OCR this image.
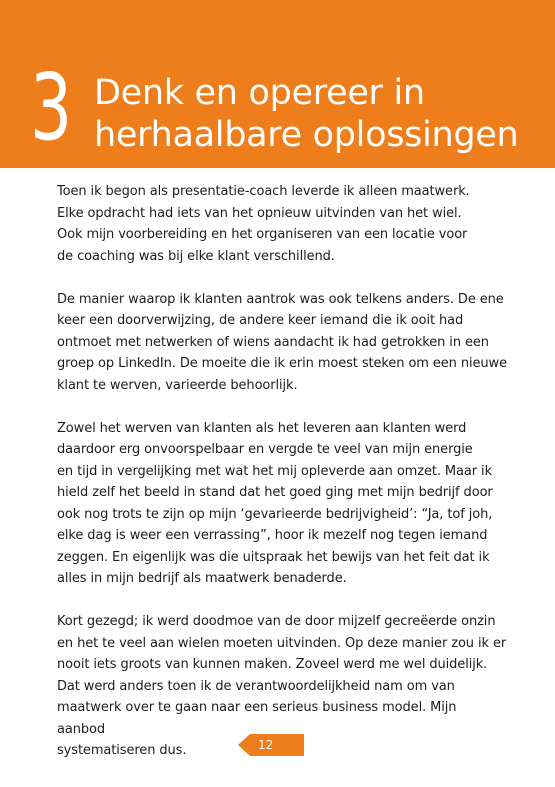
3 Denk en opereer in
herhaalbare oplossingen

Toen ik begon als presentatie-coach leverde ik alleen maatwerk.
Elke opdracht had iets van het opnieuw uitvinden van het wiel.
Ook mijn voorbereiding en het organiseren van een locatie voor
de coaching was bij elke klant verschillend.

De manier waarop ik klanten aantrok was ook telkens anders. De ene
keer een doorverwijzing, de andere keer iemand die ik ooit had
ontmoet met netwerken of wiens aandacht ik had getrokken in een
groep op LinkedIn. De moeite die ik erin moest steken om een nieuwe
klant te werven, varieerde behoorlijk.

Zowel het werven van klanten als het leveren aan klanten werd
daardoor erg onvoorspelbaar en vergde te veel van mijn energie
en tijd in vergelijking met wat het mij opleverde aan omzet. Maar ik
hield zelf het beeld in stand dat het goed ging met mijn bedrijf door
ook nog trots te zijn op mijn ‘gevarieerde bedrijvigheid’: “Ja, tof joh,
elke dag is weer een verrassing”, hoor ik mezelf nog tegen iemand
zeggen. En eigenlijk was die uitspraak het bewijs van het feit dat ik
alles in mijn bedrijf als maatwerk benaderde.

Kort gezegd; ik werd doodmoe van de door mijzelf gecreëerde onzin
en het te veel aan wielen moeten uitvinden. Op deze manier zou ik er
nooit iets groots van kunnen maken. Zoveel werd me wel duidelijk.
Dat werd anders toen ik de verantwoordelijkheid nam om van
maatwerk over te gaan naar een serieus business model. Mijn aanbod
systematiseren dus.	12
